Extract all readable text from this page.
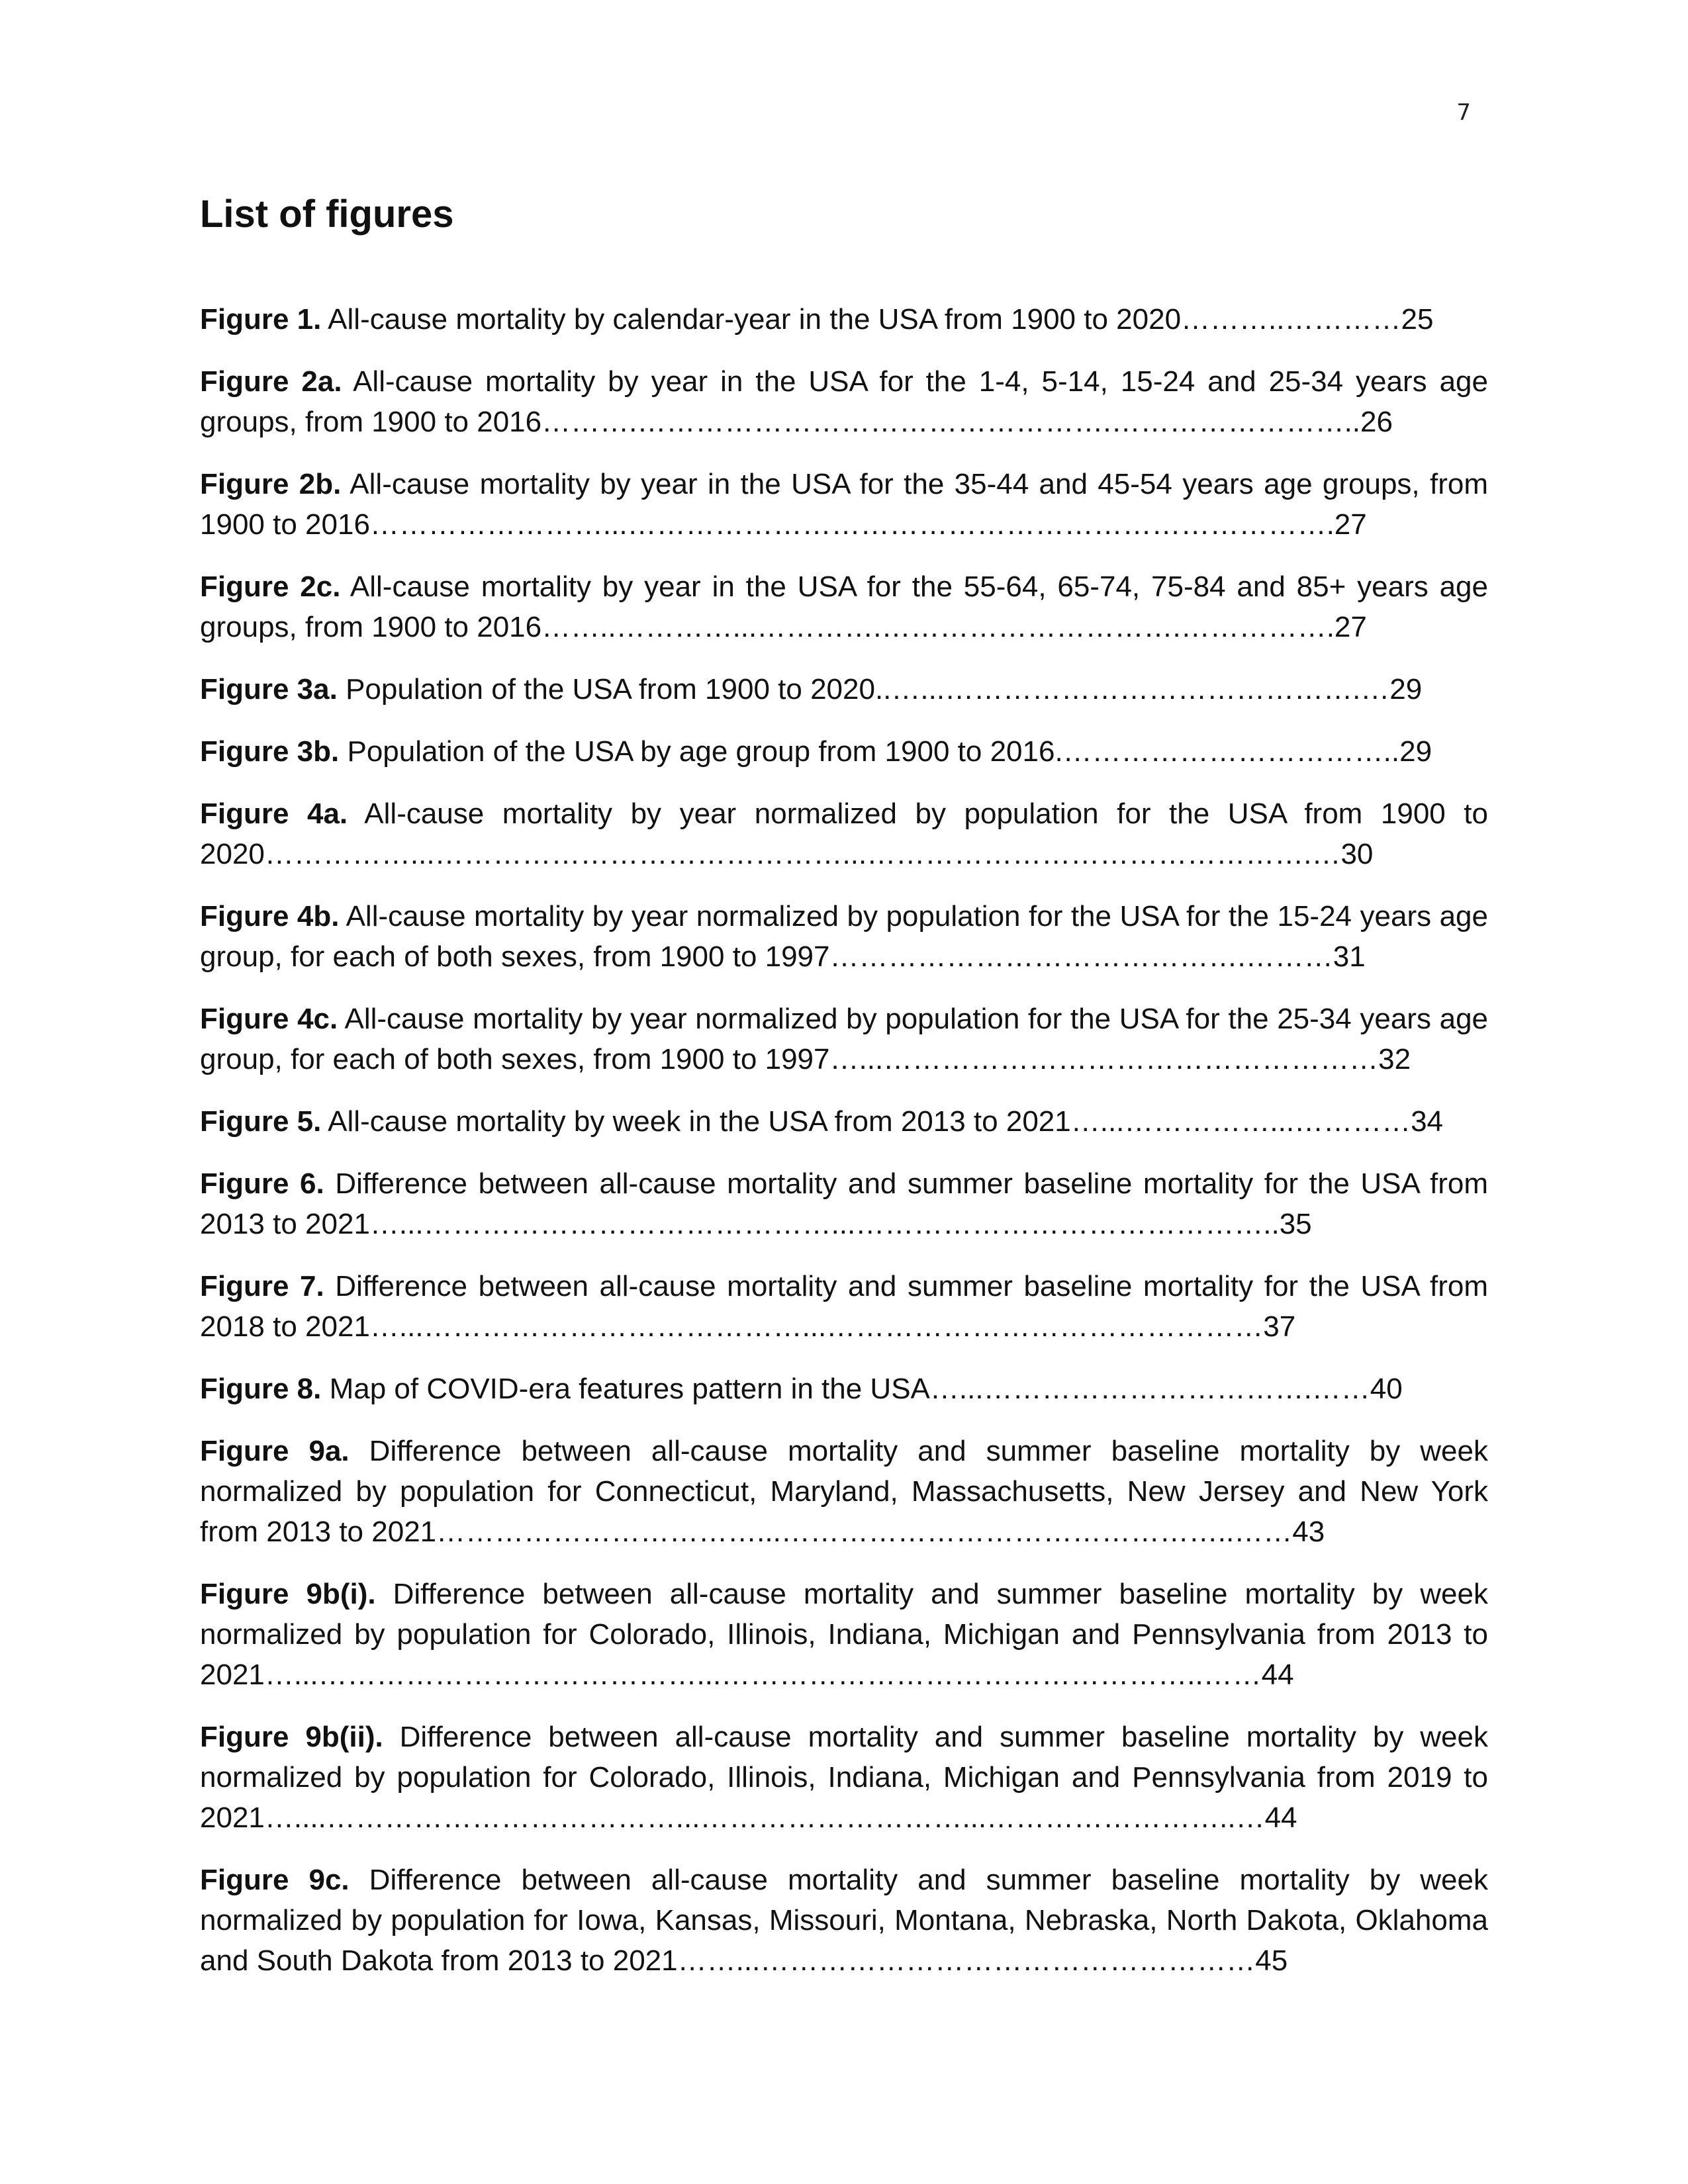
7
List of figures
Figure 1. All-cause mortality by calendar-year in the USA from 1900 to 2020………..…………25
Figure 2a. All-cause mortality by year in the USA for the 1-4, 5-14, 15-24 and 25-34 years age groups, from 1900 to 2016……….………………………………………….……………………..26
Figure 2b. All-cause mortality by year in the USA for the 35-44 and 45-54 years age groups, from 1900 to 2016……………………...……………………………………………………………….27
Figure 2c. All-cause mortality by year in the USA for the 55-64, 65-74, 75-84 and 85+ years age groups, from 1900 to 2016……..…………...………….………………………….…………….27
Figure 3a. Population of the USA from 1900 to 2020..…...…………………………………….…29
Figure 3b. Population of the USA by age group from 1900 to 2016.……………………………..29
Figure 4a. All-cause mortality by year normalized by population for the USA from 1900 to 2020……………...……………………………………...……………………………………….…30
Figure 4b. All-cause mortality by year normalized by population for the USA for the 15-24 years age group, for each of both sexes, from 1900 to 1997…………………………………….………31
Figure 4c. All-cause mortality by year normalized by population for the USA for the 25-34 years age group, for each of both sexes, from 1900 to 1997…...……………………………………………32
Figure 5. All-cause mortality by week in the USA from 2013 to 2021…...……………...…………34
Figure 6. Difference between all-cause mortality and summer baseline mortality for the USA from 2013 to 2021…...……………………………………...……………………………………..35
Figure 7. Difference between all-cause mortality and summer baseline mortality for the USA from 2018 to 2021…...…………………………………...………………………………………37
Figure 8. Map of COVID-era features pattern in the USA…...…………………………….……40
Figure 9a. Difference between all-cause mortality and summer baseline mortality by week normalized by population for Connecticut, Maryland, Massachusetts, New Jersey and New York from 2013 to 2021……………………………...………………………………………..……43
Figure 9b(i). Difference between all-cause mortality and summer baseline mortality by week normalized by population for Colorado, Illinois, Indiana, Michigan and Pennsylvania from 2013 to 2021…...…………………………………...…………………………………………..……44
Figure 9b(ii). Difference between all-cause mortality and summer baseline mortality by week normalized by population for Colorado, Illinois, Indiana, Michigan and Pennsylvania from 2019 to 2021…....………………………………...………………………...……………………..…44
Figure 9c. Difference between all-cause mortality and summer baseline mortality by week normalized by population for Iowa, Kansas, Missouri, Montana, Nebraska, North Dakota, Oklahoma and South Dakota from 2013 to 2021……...……………………………………………45
